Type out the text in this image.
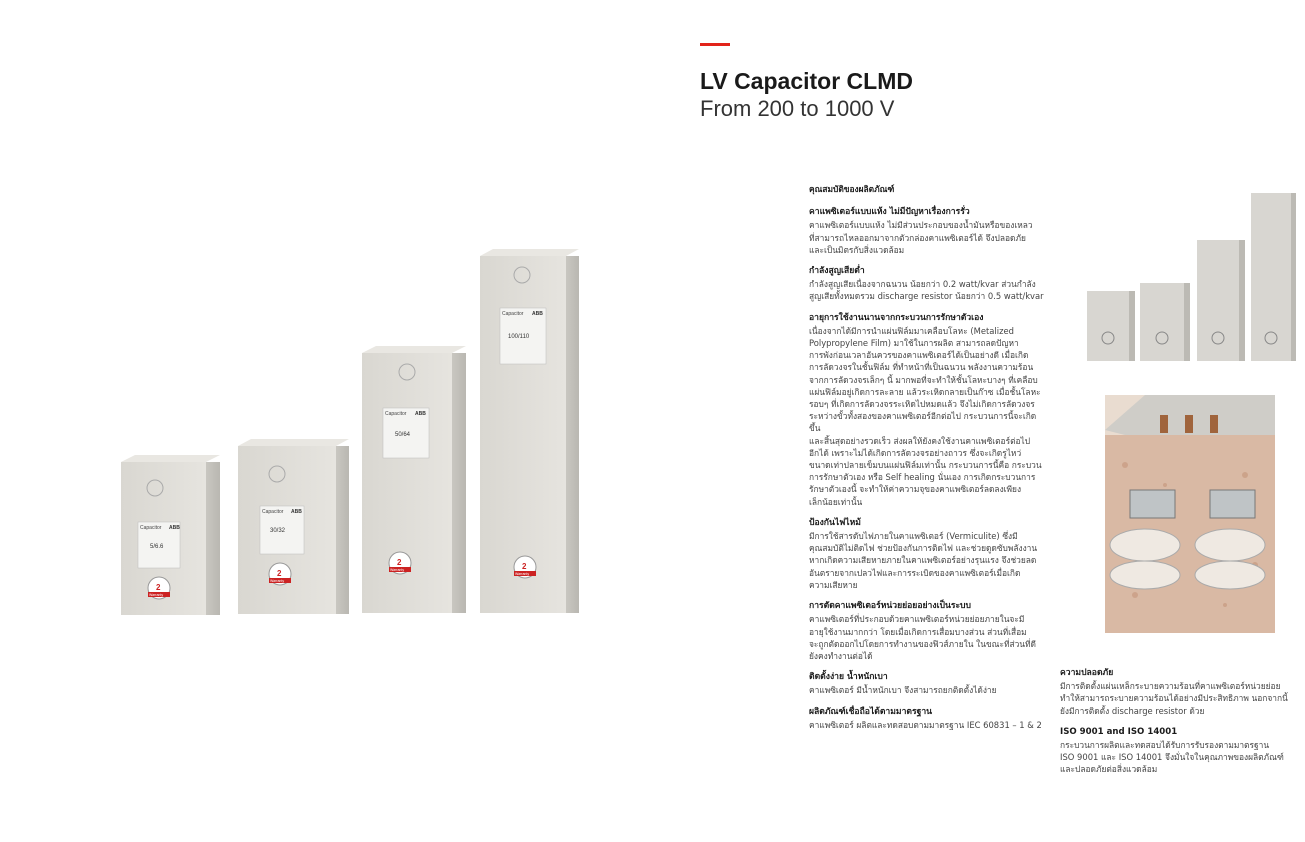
LV Capacitor CLMD
From 200 to 1000 V
Capacitor ABB
5/6.6
2
Warranty
Capacitor ABB
30/32
2
Warranty
Capacitor ABB
50/64
2
Warranty
Capacitor ABB
100/110
2
Warranty
คุณสมบัติของผลิตภัณฑ์
คาแพซิเตอร์แบบแห้ง ไม่มีปัญหาเรื่องการรั่ว

คาแพซิเตอร์แบบแห้ง ไม่มีส่วนประกอบของน้ำมันหรือของเหลว

ที่สามารถไหลออกมาจากตัวกล่องคาแพซิเตอร์ได้ จึงปลอดภัย

และเป็นมิตรกับสิ่งแวดล้อม

กำลังสูญเสียต่ำ

กำลังสูญเสียเนื่องจากฉนวน น้อยกว่า 0.2 watt/kvar ส่วนกำลัง

สูญเสียทั้งหมดรวม discharge resistor น้อยกว่า 0.5 watt/kvar

อายุการใช้งานนานจากกระบวนการรักษาตัวเอง

เนื่องจากได้มีการนำแผ่นฟิล์มมาเคลือบโลหะ (Metalized

Polypropylene Film) มาใช้ในการผลิต สามารถลดปัญหา

การพังก่อนเวลาอันควรของคาแพซิเตอร์ได้เป็นอย่างดี เมื่อเกิด

การลัดวงจรในชั้นฟิล์ม ที่ทำหน้าที่เป็นฉนวน พลังงานความร้อน

จากการลัดวงจรเล็กๆ นี้ มากพอที่จะทำให้ชั้นโลหะบางๆ ที่เคลือบ

แผ่นฟิล์มอยู่เกิดการละลาย แล้วระเหิดกลายเป็นก๊าซ เมื่อชั้นโลหะ

รอบๆ ที่เกิดการลัดวงจรระเหิดไปหมดแล้ว จึงไม่เกิดการลัดวงจร

ระหว่างขั้วทั้งสองของคาแพซิเตอร์อีกต่อไป กระบวนการนี้จะเกิดขึ้น

และสิ้นสุดอย่างรวดเร็ว ส่งผลให้ยังคงใช้งานคาแพซิเตอร์ต่อไป

อีกได้ เพราะไม่ได้เกิดการลัดวงจรอย่างถาวร ซึ่งจะเกิดรูไหว่

ขนาดเท่าปลายเข็มบนแผ่นฟิล์มเท่านั้น กระบวนการนี้คือ กระบวน

การรักษาตัวเอง หรือ Self healing นั่นเอง การเกิดกระบวนการ

รักษาตัวเองนี้ จะทำให้ค่าความจุของคาแพซิเตอร์ลดลงเพียง

เล็กน้อยเท่านั้น

ป้องกันไฟไหม้

มีการใช้สารดับไฟภายในคาแพซิเตอร์ (Vermiculite) ซึ่งมี

คุณสมบัติไม่ติดไฟ ช่วยป้องกันการติดไฟ และช่วยดูดซับพลังงาน

หากเกิดความเสียหายภายในคาแพซิเตอร์อย่างรุนแรง จึงช่วยลด

อันตรายจากเปลวไฟและการระเบิดของคาแพซิเตอร์เมื่อเกิด

ความเสียหาย

การตัดคาแพซิเตอร์หน่วยย่อยอย่างเป็นระบบ

คาแพซิเตอร์ที่ประกอบด้วยคาแพซิเตอร์หน่วยย่อยภายในจะมี

อายุใช้งานมากกว่า โดยเมื่อเกิดการเสื่อมบางส่วน ส่วนที่เสื่อม

จะถูกตัดออกไปโดยการทำงานของฟิวส์ภายใน ในขณะที่ส่วนที่ดี

ยังคงทำงานต่อได้

ติดตั้งง่าย น้ำหนักเบา

คาแพซิเตอร์ มีน้ำหนักเบา จึงสามารถยกติดตั้งได้ง่าย

ผลิตภัณฑ์เชื่อถือได้ตามมาตรฐาน

คาแพซิเตอร์ ผลิตและทดสอบตามมาตรฐาน IEC 60831 – 1 & 2

ความปลอดภัย

มีการติดตั้งแผ่นเหล็กระบายความร้อนที่คาแพซิเตอร์หน่วยย่อย

ทำให้สามารถระบายความร้อนได้อย่างมีประสิทธิภาพ นอกจากนี้

ยังมีการติดตั้ง discharge resistor ด้วย

ISO 9001 and ISO 14001

กระบวนการผลิตและทดสอบได้รับการรับรองตามมาตรฐาน

ISO 9001 และ ISO 14001 จึงมั่นใจในคุณภาพของผลิตภัณฑ์

และปลอดภัยต่อสิ่งแวดล้อม
